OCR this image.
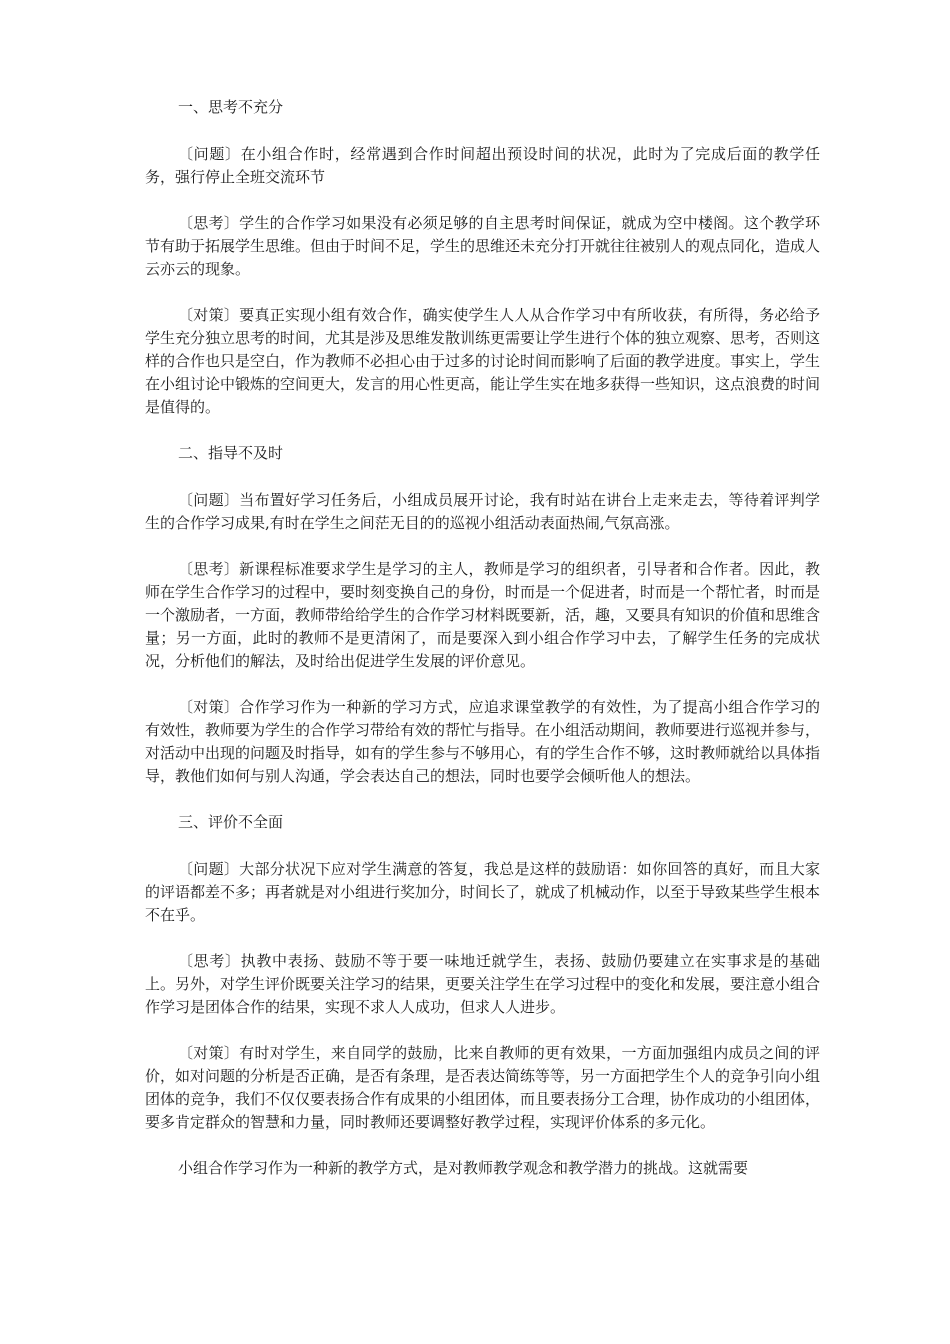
一、思考不充分

〔问题〕在小组合作时，经常遇到合作时间超出预设时间的状况，此时为了完成后面的教学任务，强行停止全班交流环节

〔思考〕学生的合作学习如果没有必须足够的自主思考时间保证，就成为空中楼阁。这个教学环节有助于拓展学生思维。但由于时间不足，学生的思维还未充分打开就往往被别人的观点同化，造成人云亦云的现象。

〔对策〕要真正实现小组有效合作，确实使学生人人从合作学习中有所收获，有所得，务必给予学生充分独立思考的时间，尤其是涉及思维发散训练更需要让学生进行个体的独立观察、思考，否则这样的合作也只是空白，作为教师不必担心由于过多的讨论时间而影响了后面的教学进度。事实上，学生在小组讨论中锻炼的空间更大，发言的用心性更高，能让学生实在地多获得一些知识，这点浪费的时间是值得的。

二、指导不及时

〔问题〕当布置好学习任务后，小组成员展开讨论，我有时站在讲台上走来走去，等待着评判学生的合作学习成果,有时在学生之间茫无目的的巡视小组活动表面热闹,气氛高涨。

〔思考〕新课程标准要求学生是学习的主人，教师是学习的组织者，引导者和合作者。因此，教师在学生合作学习的过程中，要时刻变换自己的身份，时而是一个促进者，时而是一个帮忙者，时而是一个激励者，一方面，教师带给给学生的合作学习材料既要新，活，趣，又要具有知识的价值和思维含量；另一方面，此时的教师不是更清闲了，而是要深入到小组合作学习中去，了解学生任务的完成状况，分析他们的解法，及时给出促进学生发展的评价意见。

〔对策〕合作学习作为一种新的学习方式，应追求课堂教学的有效性，为了提高小组合作学习的有效性，教师要为学生的合作学习带给有效的帮忙与指导。在小组活动期间，教师要进行巡视并参与，对活动中出现的问题及时指导，如有的学生参与不够用心，有的学生合作不够，这时教师就给以具体指导，教他们如何与别人沟通，学会表达自己的想法，同时也要学会倾听他人的想法。

三、评价不全面

〔问题〕大部分状况下应对学生满意的答复，我总是这样的鼓励语：如你回答的真好，而且大家的评语都差不多；再者就是对小组进行奖加分，时间长了，就成了机械动作，以至于导致某些学生根本不在乎。

〔思考〕执教中表扬、鼓励不等于要一味地迁就学生，表扬、鼓励仍要建立在实事求是的基础上。另外，对学生评价既要关注学习的结果，更要关注学生在学习过程中的变化和发展，要注意小组合作学习是团体合作的结果，实现不求人人成功，但求人人进步。

〔对策〕有时对学生，来自同学的鼓励，比来自教师的更有效果，一方面加强组内成员之间的评价，如对问题的分析是否正确，是否有条理，是否表达简练等等，另一方面把学生个人的竞争引向小组团体的竞争，我们不仅仅要表扬合作有成果的小组团体，而且要表扬分工合理，协作成功的小组团体，要多肯定群众的智慧和力量，同时教师还要调整好教学过程，实现评价体系的多元化。

小组合作学习作为一种新的教学方式，是对教师教学观念和教学潜力的挑战。这就需要
